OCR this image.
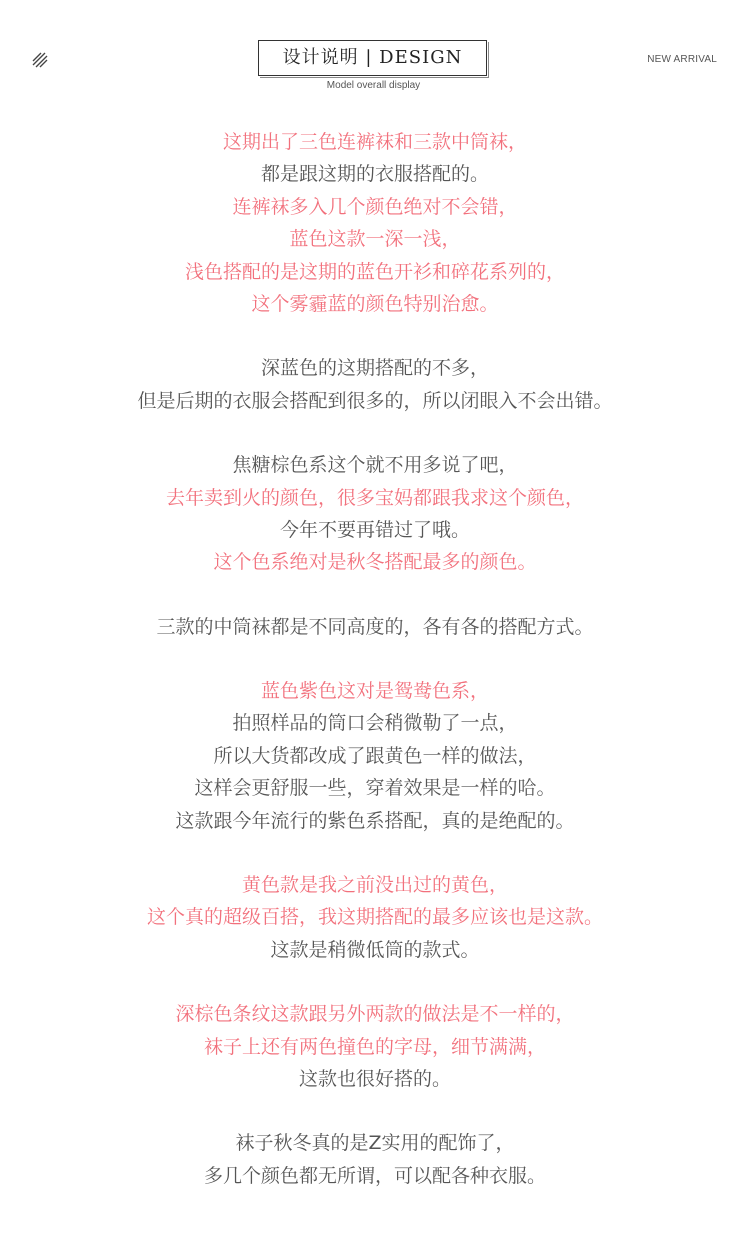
设计说明 | DESIGN
Model overall display
NEW ARRIVAL
这期出了三色连裤袜和三款中筒袜，
都是跟这期的衣服搭配的。
连裤袜多入几个颜色绝对不会错，
蓝色这款一深一浅，
浅色搭配的是这期的蓝色开衫和碎花系列的，
这个雾霾蓝的颜色特别治愈。
深蓝色的这期搭配的不多，
但是后期的衣服会搭配到很多的，所以闭眼入不会出错。
焦糖棕色系这个就不用多说了吧，
去年卖到火的颜色，很多宝妈都跟我求这个颜色，
今年不要再错过了哦。
这个色系绝对是秋冬搭配最多的颜色。
三款的中筒袜都是不同高度的，各有各的搭配方式。
蓝色紫色这对是鸳鸯色系，
拍照样品的筒口会稍微勒了一点，
所以大货都改成了跟黄色一样的做法，
这样会更舒服一些，穿着效果是一样的哈。
这款跟今年流行的紫色系搭配，真的是绝配的。
黄色款是我之前没出过的黄色，
这个真的超级百搭，我这期搭配的最多应该也是这款。
这款是稍微低筒的款式。
深棕色条纹这款跟另外两款的做法是不一样的，
袜子上还有两色撞色的字母，细节满满，
这款也很好搭的。
袜子秋冬真的是Z实用的配饰了，
多几个颜色都无所谓，可以配各种衣服。
